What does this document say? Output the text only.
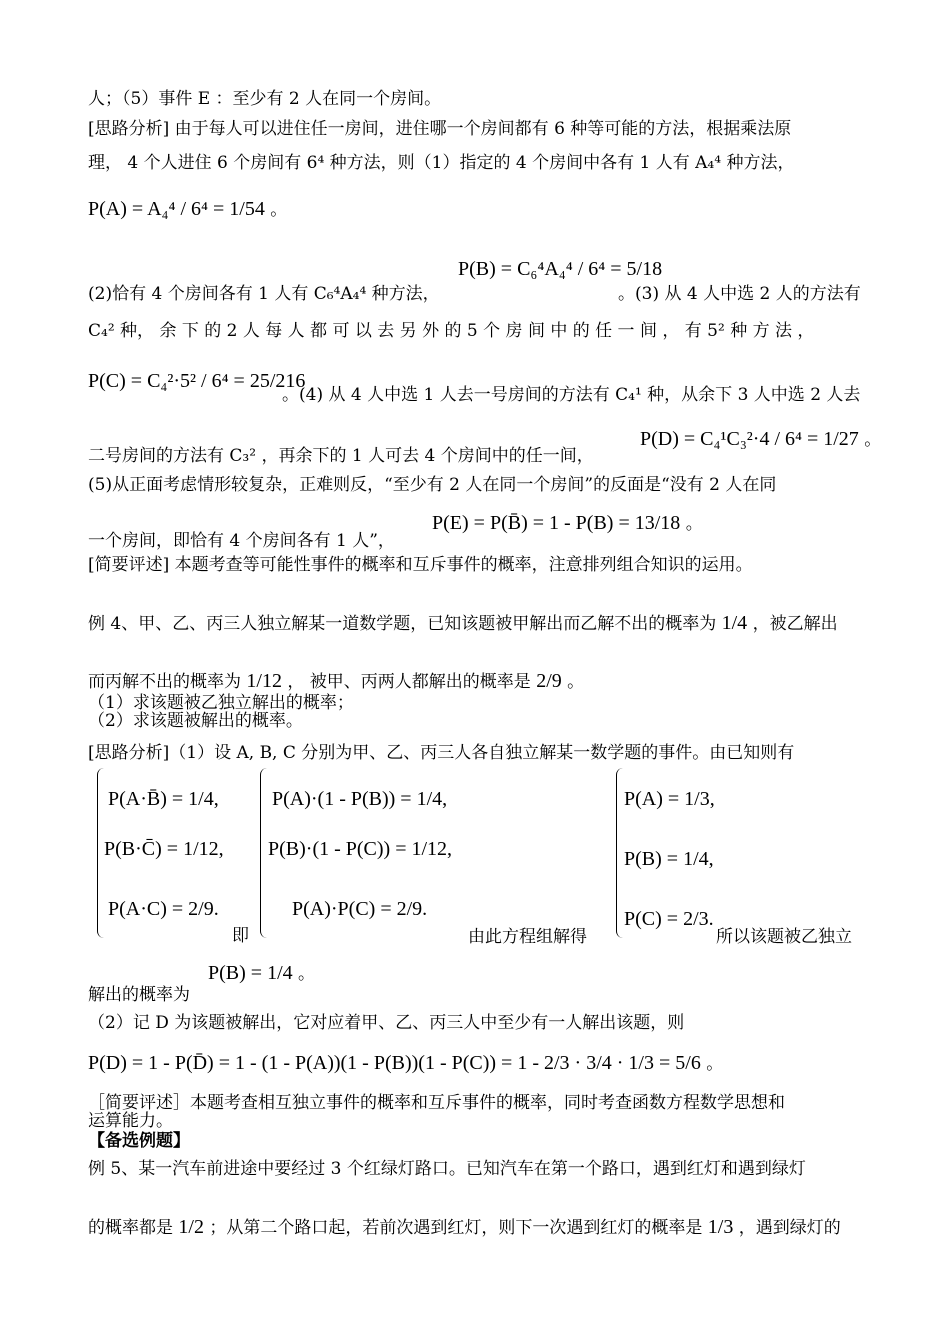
人；（5）事件 E ：至少有 2 人在同一个房间。
[思路分析] 由于每人可以进住任一房间，进住哪一个房间都有 6 种等可能的方法，根据乘法原
理， 4 个人进住 6 个房间有 6⁴ 种方法，则（1）指定的 4 个房间中各有 1 人有 A₄⁴ 种方法，
P(A) = A₄⁴ / 6⁴ = 1/54 。
(2)恰有 4 个房间各有 1 人有 C₆⁴A₄⁴ 种方法，
P(B) = C₆⁴A₄⁴ / 6⁴ = 5/18
。(3) 从 4 人中选 2 人的方法有
C₄² 种， 余 下 的 2 人 每 人 都 可 以 去 另 外 的 5 个 房 间 中 的 任 一 间 ， 有 5² 种 方 法 ，
P(C) = C₄²·5² / 6⁴ = 25/216
。(4) 从 4 人中选 1 人去一号房间的方法有 C₄¹ 种，从余下 3 人中选 2 人去
二号房间的方法有 C₃² ，再余下的 1 人可去 4 个房间中的任一间，
P(D) = C₄¹C₃²·4 / 6⁴ = 1/27 。
(5)从正面考虑情形较复杂，正难则反，“至少有 2 人在同一个房间”的反面是“没有 2 人在同
一个房间，即恰有 4 个房间各有 1 人”，
P(E) = P(B̄) = 1 - P(B) = 13/18 。
[简要评述] 本题考查等可能性事件的概率和互斥事件的概率，注意排列组合知识的运用。
例 4、甲、乙、丙三人独立解某一道数学题，已知该题被甲解出而乙解不出的概率为 1/4 ，被乙解出
而丙解不出的概率为 1/12 ， 被甲、丙两人都解出的概率是 2/9 。
（1）求该题被乙独立解出的概率；
（2）求该题被解出的概率。
[思路分析]（1）设 A, B, C 分别为甲、乙、丙三人各自独立解某一数学题的事件。由已知则有
P(A·B̄) = 1/4,
P(B·C̄) = 1/12,
P(A·C) = 2/9.
即
P(A)·(1 - P(B)) = 1/4,
P(B)·(1 - P(C)) = 1/12,
P(A)·P(C) = 2/9.
由此方程组解得
P(A) = 1/3,
P(B) = 1/4,
P(C) = 2/3.
所以该题被乙独立
解出的概率为
P(B) = 1/4 。
（2）记 D 为该题被解出，它对应着甲、乙、丙三人中至少有一人解出该题，则
P(D) = 1 - P(D̄) = 1 - (1 - P(A))(1 - P(B))(1 - P(C)) = 1 - 2/3 · 3/4 · 1/3 = 5/6 。
［简要评述］本题考查相互独立事件的概率和互斥事件的概率，同时考查函数方程数学思想和
运算能力。
【备选例题】
例 5、某一汽车前进途中要经过 3 个红绿灯路口。已知汽车在第一个路口，遇到红灯和遇到绿灯
的概率都是 1/2 ；从第二个路口起，若前次遇到红灯，则下一次遇到红灯的概率是 1/3 ，遇到绿灯的
